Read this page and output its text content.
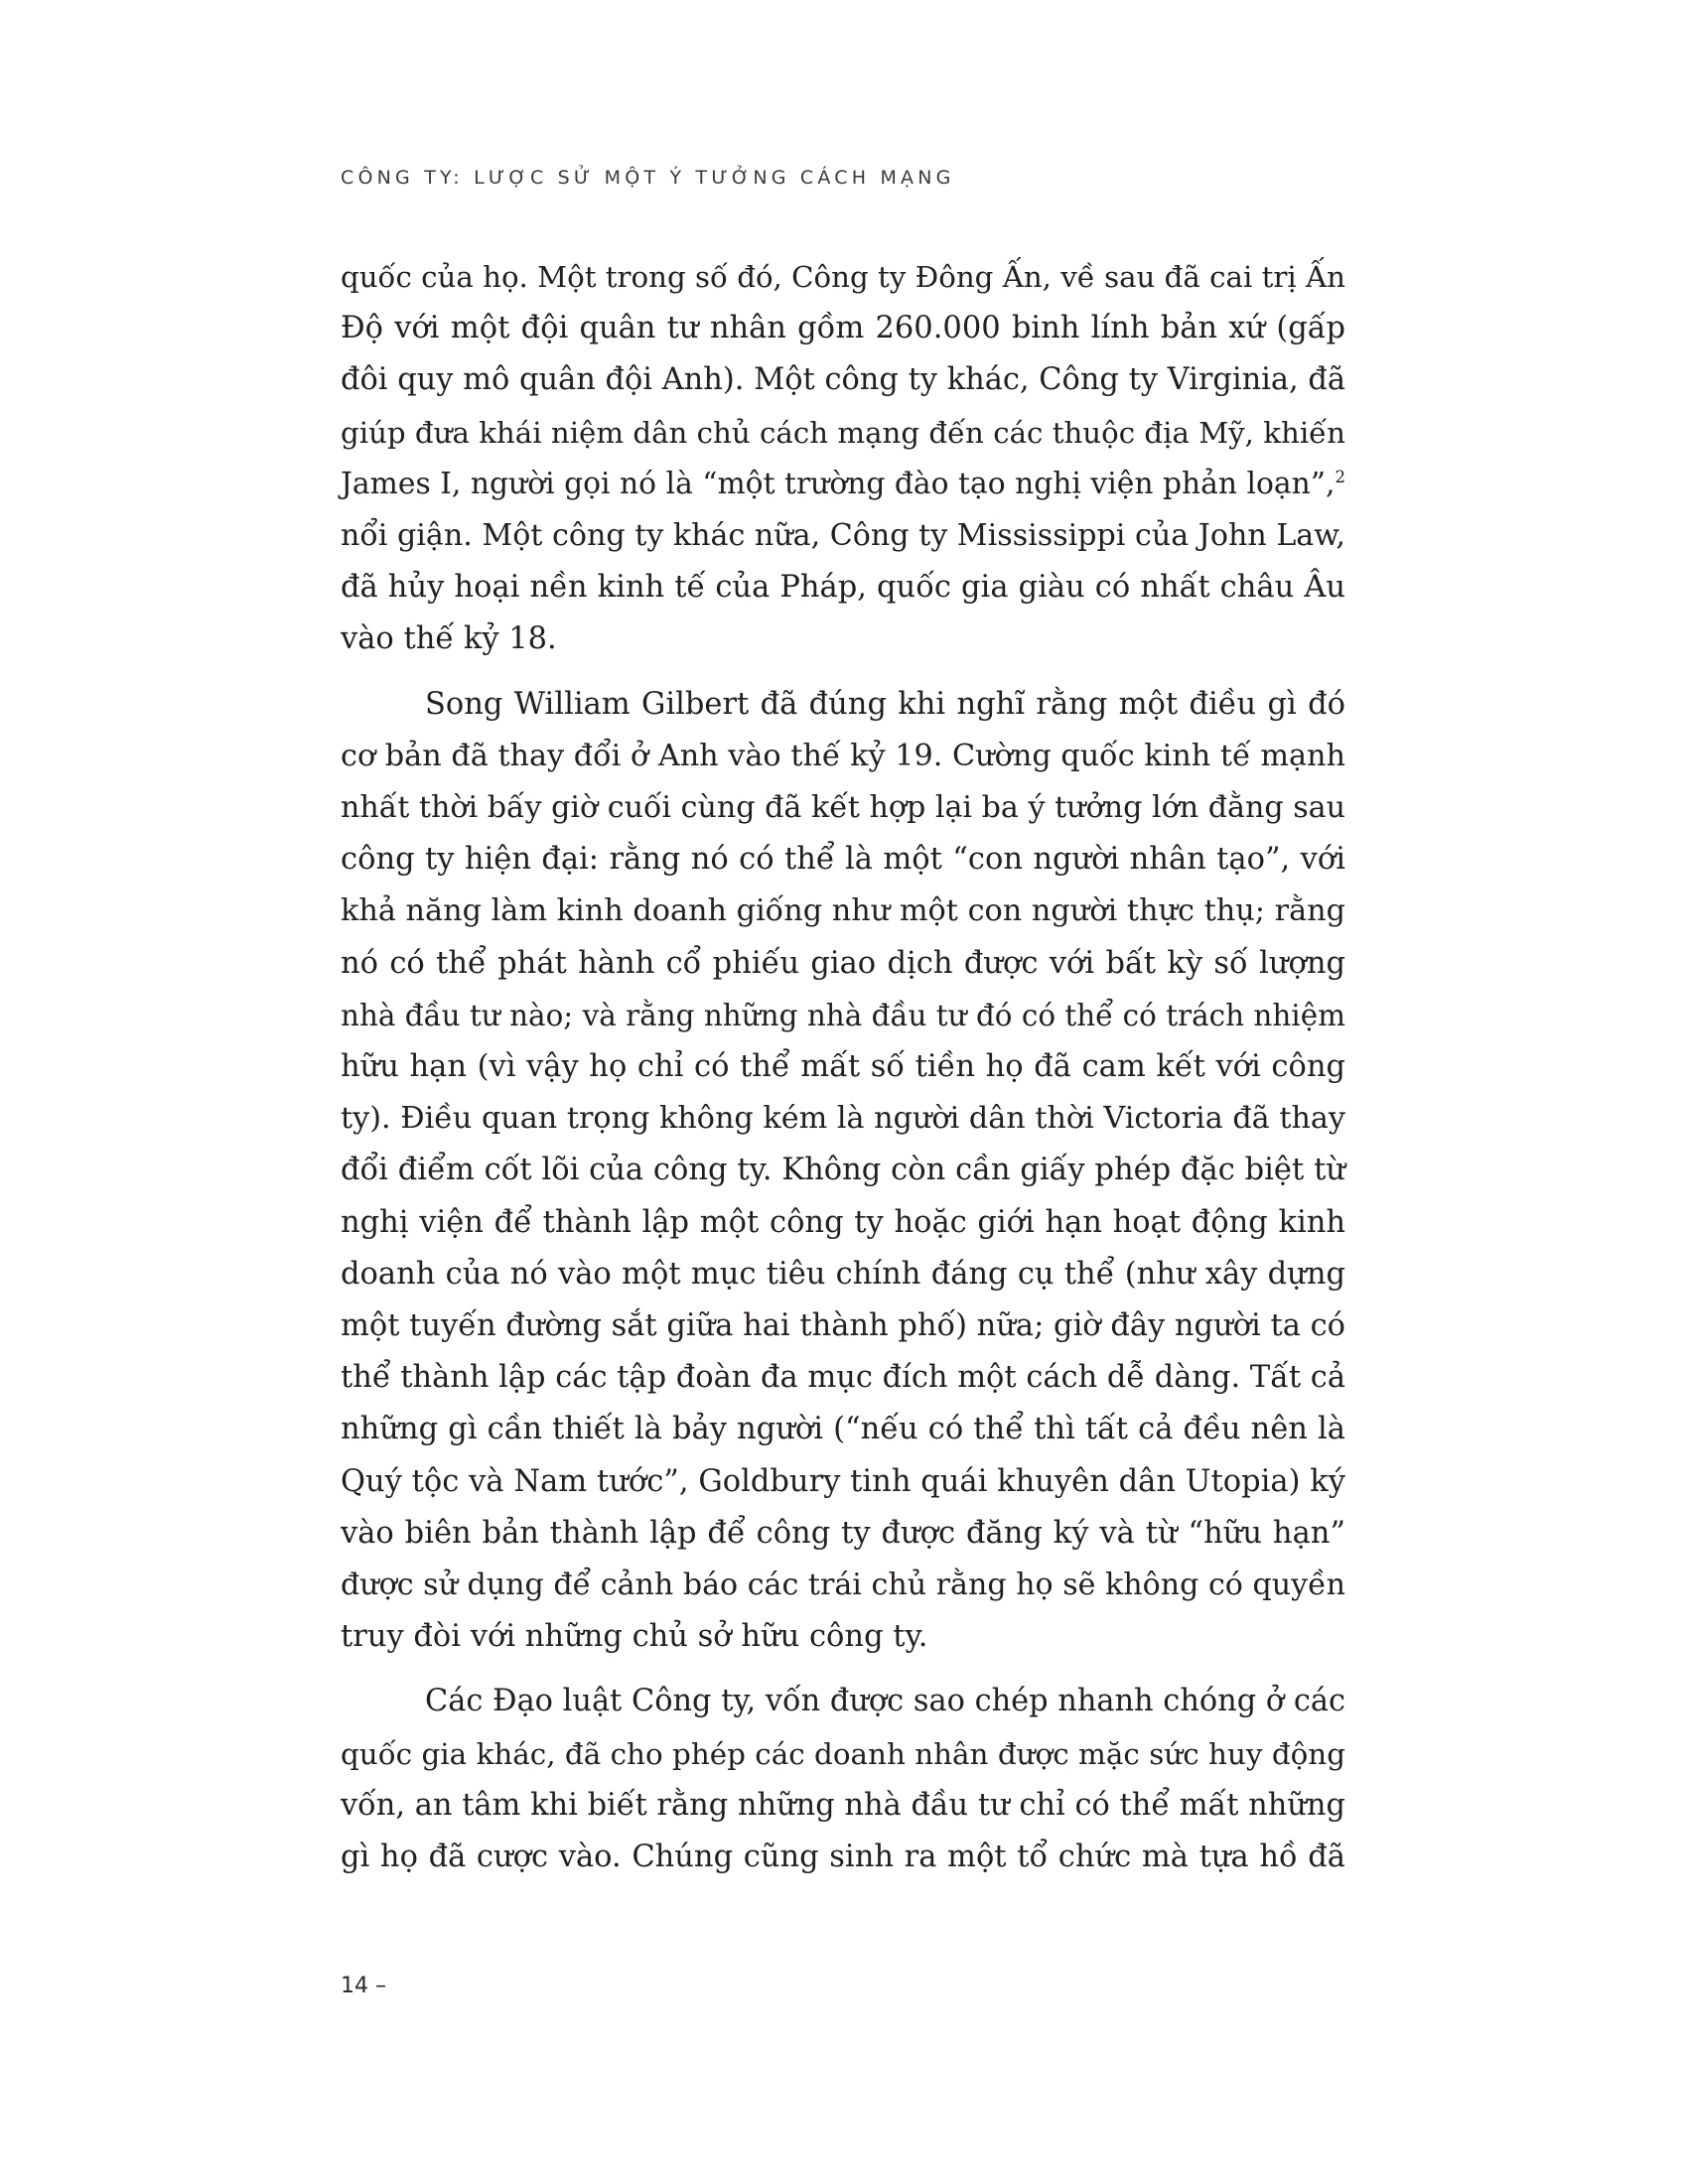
CÔNG TY: LƯỢC SỬ MỘT Ý TƯỞNG CÁCH MẠNG

quốc của họ. Một trong số đó, Công ty Đông Ấn, về sau đã cai trị Ấn
Độ với một đội quân tư nhân gồm 260.000 binh lính bản xứ (gấp
đôi quy mô quân đội Anh). Một công ty khác, Công ty Virginia, đã
giúp đưa khái niệm dân chủ cách mạng đến các thuộc địa Mỹ, khiến
James I, người gọi nó là “một trường đào tạo nghị viện phản loạn”,$^2$
nổi giận. Một công ty khác nữa, Công ty Mississippi của John Law,
đã hủy hoại nền kinh tế của Pháp, quốc gia giàu có nhất châu Âu
vào thế kỷ 18.

Song William Gilbert đã đúng khi nghĩ rằng một điều gì đó
cơ bản đã thay đổi ở Anh vào thế kỷ 19. Cường quốc kinh tế mạnh
nhất thời bấy giờ cuối cùng đã kết hợp lại ba ý tưởng lớn đằng sau
công ty hiện đại: rằng nó có thể là một “con người nhân tạo”, với
khả năng làm kinh doanh giống như một con người thực thụ; rằng
nó có thể phát hành cổ phiếu giao dịch được với bất kỳ số lượng
nhà đầu tư nào; và rằng những nhà đầu tư đó có thể có trách nhiệm
hữu hạn (vì vậy họ chỉ có thể mất số tiền họ đã cam kết với công
ty). Điều quan trọng không kém là người dân thời Victoria đã thay
đổi điểm cốt lõi của công ty. Không còn cần giấy phép đặc biệt từ
nghị viện để thành lập một công ty hoặc giới hạn hoạt động kinh
doanh của nó vào một mục tiêu chính đáng cụ thể (như xây dựng
một tuyến đường sắt giữa hai thành phố) nữa; giờ đây người ta có
thể thành lập các tập đoàn đa mục đích một cách dễ dàng. Tất cả
những gì cần thiết là bảy người (“nếu có thể thì tất cả đều nên là
Quý tộc và Nam tước”, Goldbury tinh quái khuyên dân Utopia) ký
vào biên bản thành lập để công ty được đăng ký và từ “hữu hạn”
được sử dụng để cảnh báo các trái chủ rằng họ sẽ không có quyền
truy đòi với những chủ sở hữu công ty.

Các Đạo luật Công ty, vốn được sao chép nhanh chóng ở các
quốc gia khác, đã cho phép các doanh nhân được mặc sức huy động
vốn, an tâm khi biết rằng những nhà đầu tư chỉ có thể mất những
gì họ đã cược vào. Chúng cũng sinh ra một tổ chức mà tựa hồ đã

14 –
